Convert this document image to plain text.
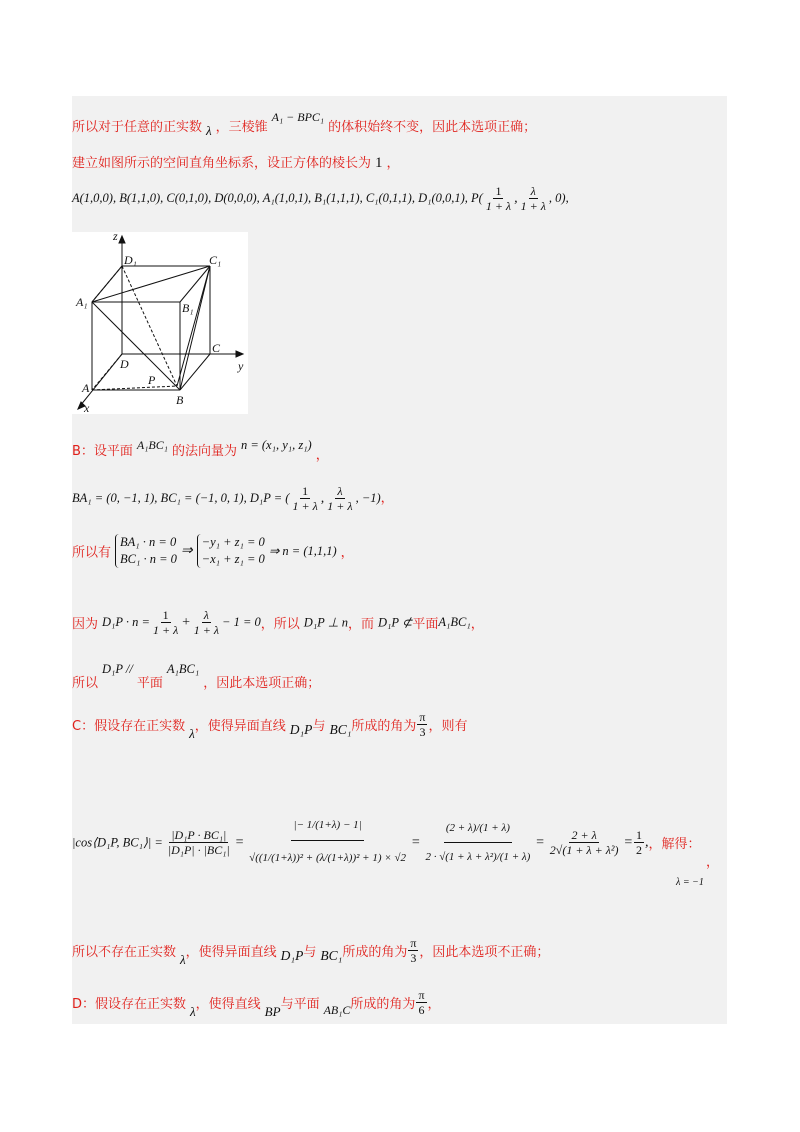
所以对于任意的正实数 $_\lambda$ ，三棱锥 $^{A_1 - BPC_1}$ 的体积始终不变，因此本选项正确；
建立如图所示的空间直角坐标系，设正方体的棱长为 1 ，
A(1,0,0), B(1,1,0), C(0,1,0), D(0,0,0), A₁(1,0,1), B₁(1,1,1), C₁(0,1,1), D₁(0,0,1), $P( \frac{1}{1 + \lambda}$ , $\frac{\lambda}{1 + \lambda}$ , 0),
z
y
x
D₁	C₁
A₁	B₁
C
D
P
A
B
B：设平面 $^{A_1BC_1}$ 的法向量为 $^{n = (x_1, y_1, z_1)}$ $_,$
BA₁ = (0, −1, 1), BC₁ = (−1, 0, 1), D₁P = ( $\frac{1}{1 + \lambda}$ , $\frac{\lambda}{1 + \lambda}$ , −1)，
所以有 BA₁ · n = 0
BC₁ · n = 0 ⇒ −y₁ + z₁ = 0
−x₁ + z₁ = 0 ⇒ n = (1,1,1) ，
因为 $D_1P \cdot n = \frac{1}{1 + \lambda} + \frac{\lambda}{1 + \lambda} - 1 = 0$，所以 D₁P ⊥ n，而 D₁P ⊄平面A₁BC₁，
$_{所以}$ $^{D_1P //}$ $_{平面}$ $^{A_1BC_1}$ $_{,因此本选项正确;}$
C：假设存在正实数 $_\lambda$，使得异面直线 $_{D_1P}$与 $_{BC_1}$所成的角为 $\frac{\pi}{3}$ ，则有
|cos⟨D₁P, BC₁⟩| = $\frac{\text{|D₁P · BC₁|}}{\text{|D₁P| · |BC₁|}} = \frac{|- 1/(1+\lambda) - 1|}{\text{√((1/(1+λ))² + (λ/(1+λ))² + 1) × √2}} = \frac{(2 + \lambda)/(1 + \lambda)}{\text{2 · √(1 + λ + λ²)/(1 + λ)}} = \frac{2 + \lambda}{\text{2√(1 + λ + λ²)}} = \frac{1}{2}$ ,，解得：
，
λ = −1
所以不存在正实数 $_\lambda$，使得异面直线 $_{D_1P}$与 $_{BC_1}$所成的角为 $\frac{\pi}{3}$ ，因此本选项不正确；
D：假设存在正实数 $_\lambda$，使得直线 $_{BP}$与平面 $_{AB_1C}$所成的角为 $\frac{\pi}{6}$ ，
